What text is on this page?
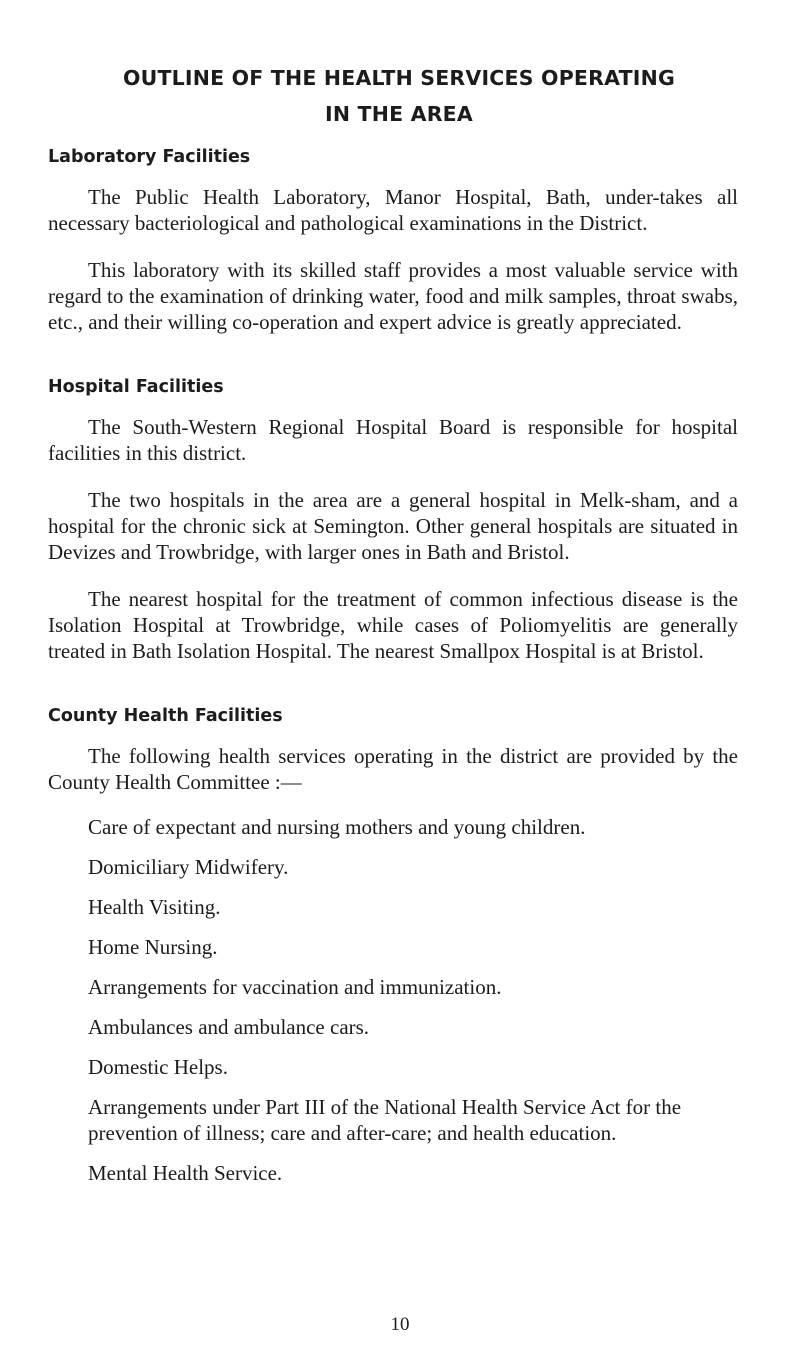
OUTLINE OF THE HEALTH SERVICES OPERATING
IN THE AREA
Laboratory Facilities

The Public Health Laboratory, Manor Hospital, Bath, under-takes all necessary bacteriological and pathological examinations in the District.

This laboratory with its skilled staff provides a most valuable service with regard to the examination of drinking water, food and milk samples, throat swabs, etc., and their willing co-operation and expert advice is greatly appreciated.

Hospital Facilities

The South-Western Regional Hospital Board is responsible for hospital facilities in this district.

The two hospitals in the area are a general hospital in Melk-sham, and a hospital for the chronic sick at Semington. Other general hospitals are situated in Devizes and Trowbridge, with larger ones in Bath and Bristol.

The nearest hospital for the treatment of common infectious disease is the Isolation Hospital at Trowbridge, while cases of Poliomyelitis are generally treated in Bath Isolation Hospital. The nearest Smallpox Hospital is at Bristol.

County Health Facilities

The following health services operating in the district are provided by the County Health Committee :—

Care of expectant and nursing mothers and young children.
Domiciliary Midwifery.
Health Visiting.
Home Nursing.
Arrangements for vaccination and immunization.
Ambulances and ambulance cars.
Domestic Helps.
Arrangements under Part III of the National Health Service Act for the prevention of illness; care and after-care; and health education.
Mental Health Service.
10
